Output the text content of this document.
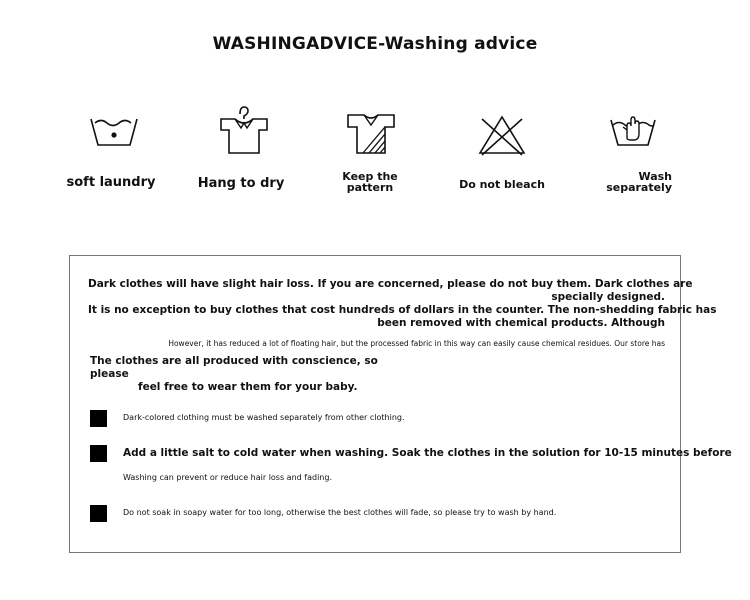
WASHINGADVICE-Washing advice
soft laundry	Hang to dry	Keep the
pattern	Do not bleach
Wash
separately
Dark clothes will have slight hair loss. If you are concerned, please do not buy them. Dark clothes are
specially designed.
It is no exception to buy clothes that cost hundreds of dollars in the counter. The non-shedding fabric has
been removed with chemical products. Although
However, it has reduced a lot of floating hair, but the processed fabric in this way can easily cause chemical residues. Our store has
The clothes are all produced with conscience, so please
feel free to wear them for your baby.
Dark-colored clothing must be washed separately from other clothing.
Add a little salt to cold water when washing. Soak the clothes in the solution for 10-15 minutes before
Washing can prevent or reduce hair loss and fading.
Do not soak in soapy water for too long, otherwise the best clothes will fade, so please try to wash by hand.
